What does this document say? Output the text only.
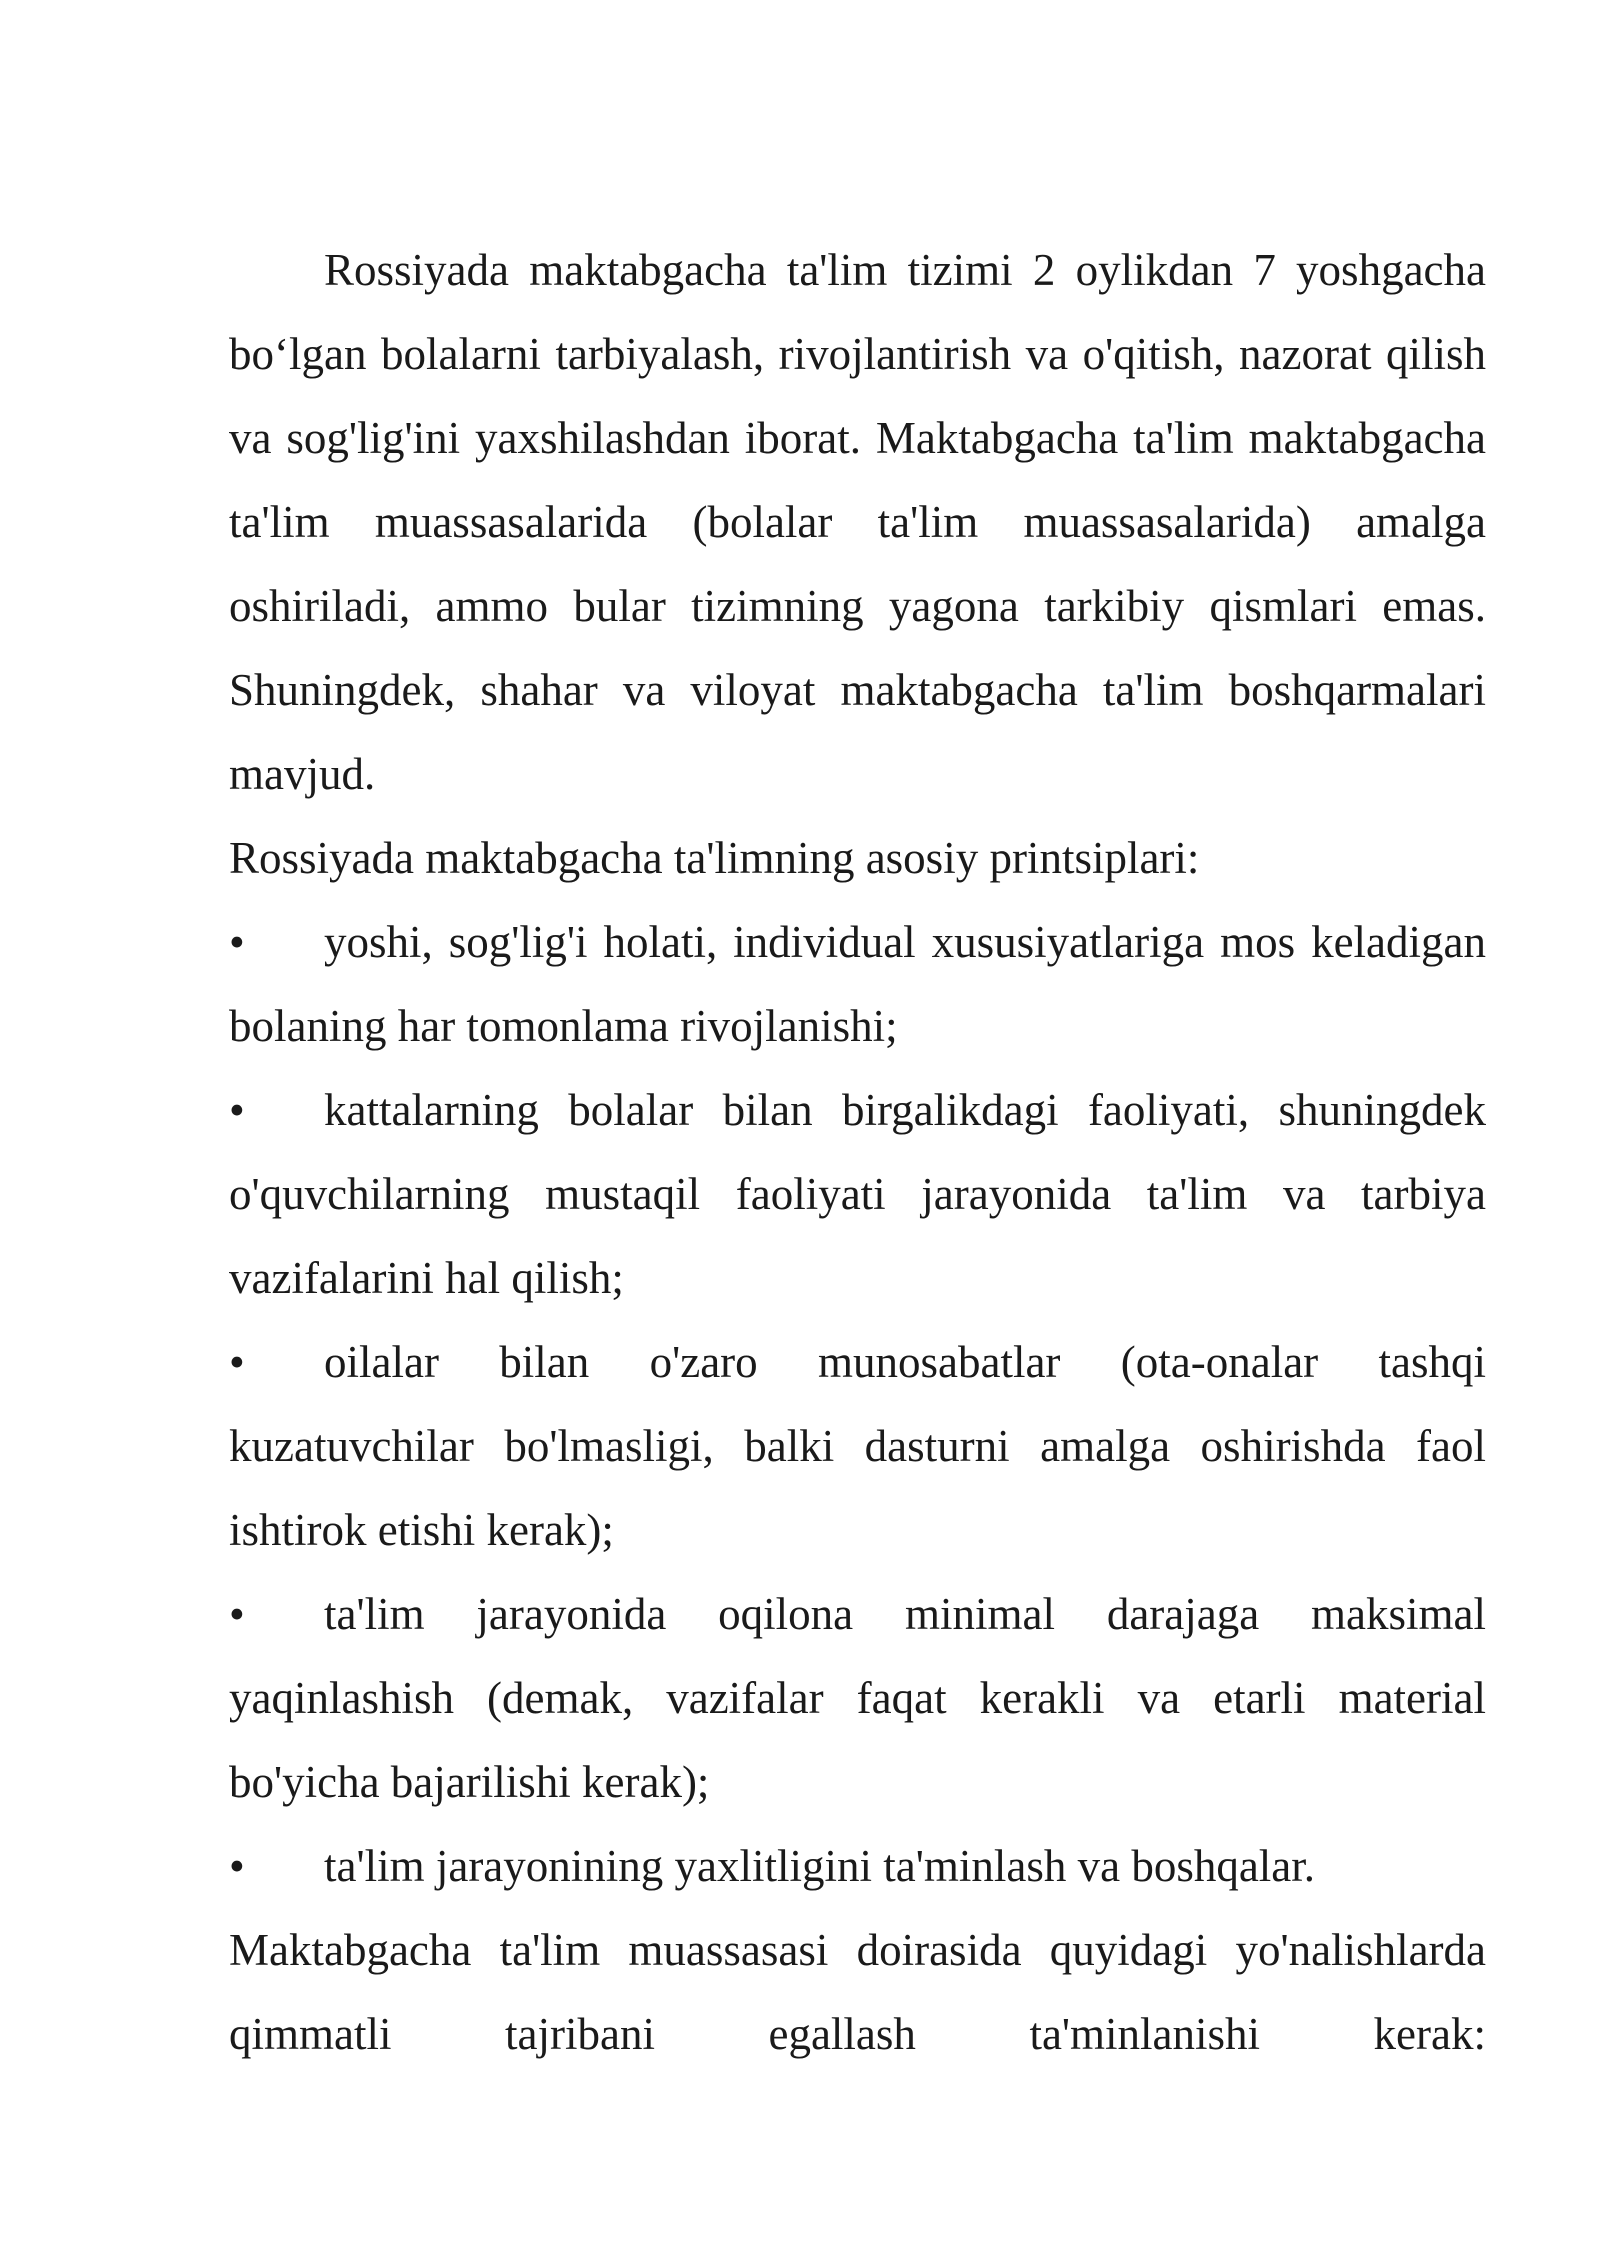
Rossiyada maktabgacha ta'lim tizimi 2 oylikdan 7 yoshgacha bo‘lgan bolalarni tarbiyalash, rivojlantirish va o'qitish, nazorat qilish va sog'lig'ini yaxshilashdan iborat. Maktabgacha ta'lim maktabgacha ta'lim muassasalarida (bolalar ta'lim muassasalarida) amalga oshiriladi, ammo bular tizimning yagona tarkibiy qismlari emas. Shuningdek, shahar va viloyat maktabgacha ta'lim boshqarmalari mavjud.

Rossiyada maktabgacha ta'limning asosiy printsiplari:

• yoshi, sog'lig'i holati, individual xususiyatlariga mos keladigan bolaning har tomonlama rivojlanishi;

• kattalarning bolalar bilan birgalikdagi faoliyati, shuningdek o'quvchilarning mustaqil faoliyati jarayonida ta'lim va tarbiya vazifalarini hal qilish;

• oilalar bilan o'zaro munosabatlar (ota-onalar tashqi kuzatuvchilar bo'lmasligi, balki dasturni amalga oshirishda faol ishtirok etishi kerak);

• ta'lim jarayonida oqilona minimal darajaga maksimal yaqinlashish (demak, vazifalar faqat kerakli va etarli material bo'yicha bajarilishi kerak);

• ta'lim jarayonining yaxlitligini ta'minlash va boshqalar.

Maktabgacha ta'lim muassasasi doirasida quyidagi yo'nalishlarda qimmatli tajribani egallash ta'minlanishi kerak:
